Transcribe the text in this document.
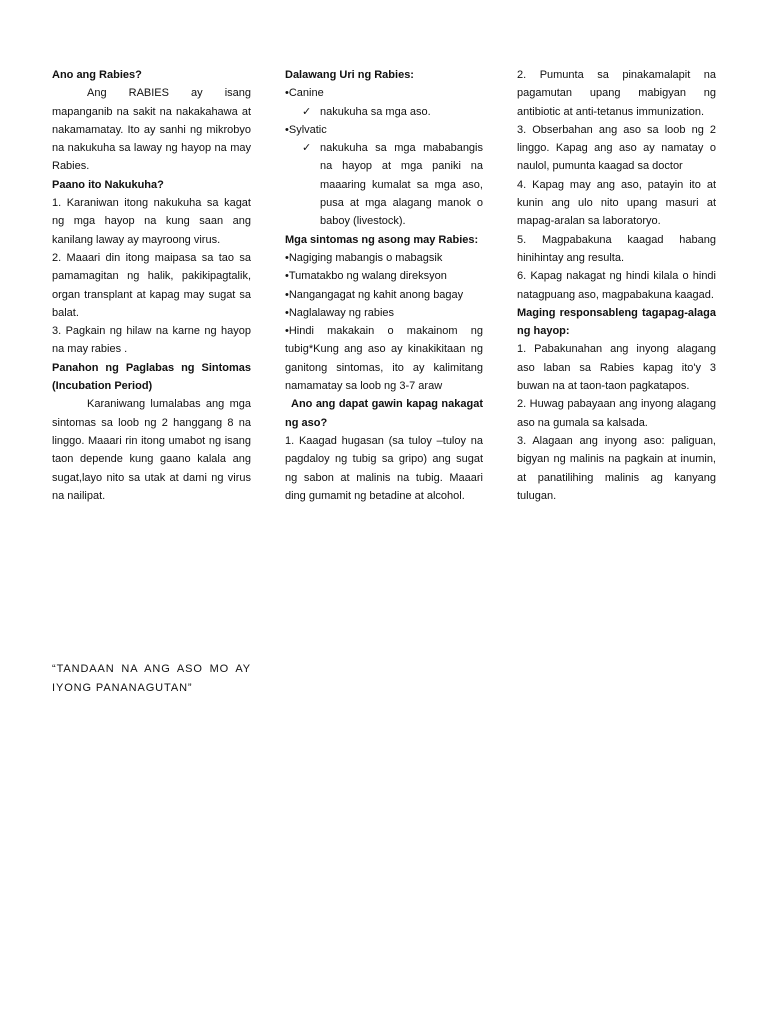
Ano ang Rabies?

Ang RABIES ay isang mapanganib na sakit na nakakahawa at nakamamatay. Ito ay sanhi ng mikrobyo na nakukuha sa laway ng hayop na may Rabies.

Paano ito Nakukuha?

1. Karaniwan itong nakukuha sa kagat ng mga hayop na kung saan ang kanilang laway ay mayroong virus.

2. Maaari din itong maipasa sa tao sa pamamagitan ng halik, pakikipagtalik, organ transplant at kapag may sugat sa balat.

3. Pagkain ng hilaw na karne ng hayop na may rabies .

Panahon ng Paglabas ng Sintomas (Incubation Period)

Karaniwang lumalabas ang mga sintomas sa loob ng 2 hanggang 8 na linggo. Maaari rin itong umabot ng isang taon depende kung gaano kalala ang sugat,layo nito sa utak at dami ng virus na nailipat.

“TANDAAN NA ANG ASO MO AY IYONG PANANAGUTAN”
Dalawang Uri ng Rabies:

•Canine

✓ nakukuha sa mga aso.

•Sylvatic

✓ nakukuha sa mga mababangis na hayop at mga paniki na maaaring kumalat sa mga aso, pusa at mga alagang manok o baboy (livestock).

Mga sintomas ng asong may Rabies:

•Nagiging mabangis o mabagsik

•Tumatakbo ng walang direksyon

•Nangangagat ng kahit anong bagay

•Naglalaway ng rabies

•Hindi makakain o makainom ng tubig*Kung ang aso ay kinakikitaan ng ganitong sintomas, ito ay kalimitang namamatay sa loob ng 3-7 araw

Ano ang dapat gawin kapag nakagat ng aso?

1. Kaagad hugasan (sa tuloy –tuloy na pagdaloy ng tubig sa gripo) ang sugat ng sabon at malinis na tubig. Maaari ding gumamit ng betadine at alcohol.

2. Pumunta sa pinakamalapit na pagamutan upang mabigyan ng antibiotic at anti-tetanus immunization.

3. Obserbahan ang aso sa loob ng 2 linggo. Kapag ang aso ay namatay o naulol, pumunta kaagad sa doctor

4. Kapag may ang aso, patayin ito at kunin ang ulo nito upang masuri at mapag-aralan sa laboratoryo.

5. Magpabakuna kaagad habang hinihintay ang resulta.

6. Kapag nakagat ng hindi kilala o hindi natagpuang aso, magpabakuna kaagad.

Maging responsableng tagapag-alaga ng hayop:

1. Pabakunahan ang inyong alagang aso laban sa Rabies kapag ito'y 3 buwan na at taon-taon pagkatapos.

2. Huwag pabayaan ang inyong alagang aso na gumala sa kalsada.

3. Alagaan ang inyong aso: paliguan, bigyan ng malinis na pagkain at inumin, at panatilihing malinis ag kanyang tulugan.
